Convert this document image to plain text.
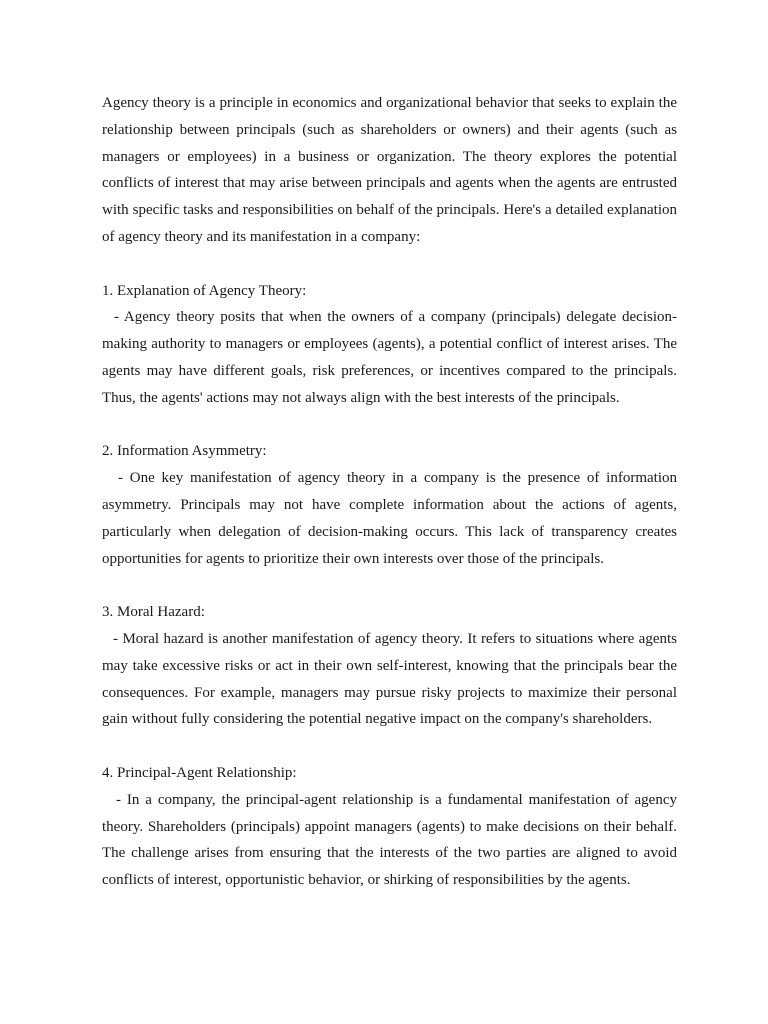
Agency theory is a principle in economics and organizational behavior that seeks to explain the relationship between principals (such as shareholders or owners) and their agents (such as managers or employees) in a business or organization. The theory explores the potential conflicts of interest that may arise between principals and agents when the agents are entrusted with specific tasks and responsibilities on behalf of the principals. Here's a detailed explanation of agency theory and its manifestation in a company:

1. Explanation of Agency Theory:

- Agency theory posits that when the owners of a company (principals) delegate decision-making authority to managers or employees (agents), a potential conflict of interest arises. The agents may have different goals, risk preferences, or incentives compared to the principals. Thus, the agents' actions may not always align with the best interests of the principals.

2. Information Asymmetry:

- One key manifestation of agency theory in a company is the presence of information asymmetry. Principals may not have complete information about the actions of agents, particularly when delegation of decision-making occurs. This lack of transparency creates opportunities for agents to prioritize their own interests over those of the principals.

3. Moral Hazard:

- Moral hazard is another manifestation of agency theory. It refers to situations where agents may take excessive risks or act in their own self-interest, knowing that the principals bear the consequences. For example, managers may pursue risky projects to maximize their personal gain without fully considering the potential negative impact on the company's shareholders.

4. Principal-Agent Relationship:

- In a company, the principal-agent relationship is a fundamental manifestation of agency theory. Shareholders (principals) appoint managers (agents) to make decisions on their behalf. The challenge arises from ensuring that the interests of the two parties are aligned to avoid conflicts of interest, opportunistic behavior, or shirking of responsibilities by the agents.
